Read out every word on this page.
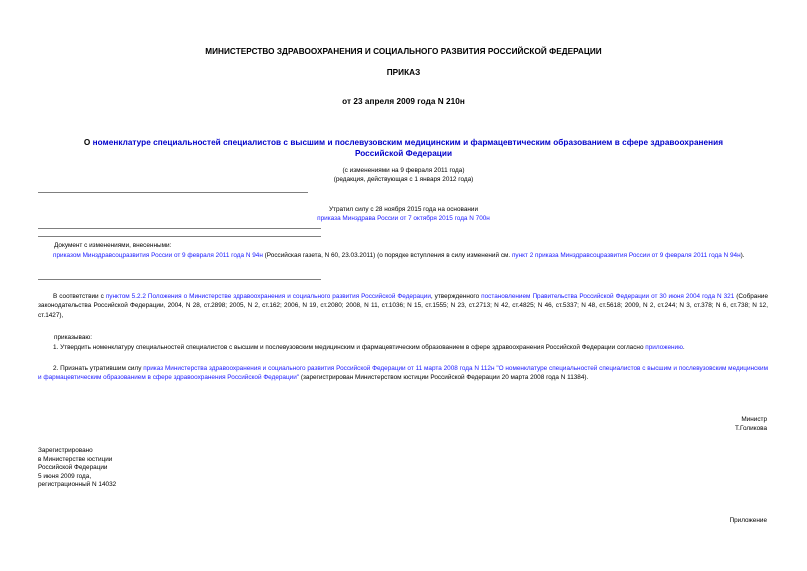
МИНИСТЕРСТВО ЗДРАВООХРАНЕНИЯ И СОЦИАЛЬНОГО РАЗВИТИЯ РОССИЙСКОЙ ФЕДЕРАЦИИ
ПРИКАЗ
от 23 апреля 2009 года N 210н
О номенклатуре специальностей специалистов с высшим и послевузовским медицинским и фармацевтическим образованием в сфере здравоохранения
Российской Федерации
(с изменениями на 9 февраля 2011 года)
(редакция, действующая с 1 января 2012 года)
Утратил силу с 28 ноября 2015 года на основании
приказа Минздрава России от 7 октября 2015 года N 700н
Документ с изменениями, внесенными:

приказом Минздравсоцразвития России от 9 февраля 2011 года N 94н (Российская газета, N 60, 23.03.2011) (о порядке вступления в силу изменений см. пункт 2 приказа Минздравсоцразвития России от 9 февраля 2011 года N 94н).

В соответствии с пунктом 5.2.2 Положения о Министерстве здравоохранения и социального развития Российской Федерации, утвержденного постановлением Правительства Российской Федерации от 30 июня 2004 года N 321 (Собрание законодательства Российской Федерации, 2004, N 28, ст.2898; 2005, N 2, ст.162; 2006, N 19, ст.2080; 2008, N 11, ст.1036; N 15, ст.1555; N 23, ст.2713; N 42, ст.4825; N 46, ст.5337; N 48, ст.5618; 2009, N 2, ст.244; N 3, ст.378; N 6, ст.738; N 12, ст.1427),

приказываю:

1. Утвердить номенклатуру специальностей специалистов с высшим и послевузовским медицинским и фармацевтическим образованием в сфере здравоохранения Российской Федерации согласно приложению.

2. Признать утратившим силу приказ Министерства здравоохранения и социального развития Российской Федерации от 11 марта 2008 года N 112н "О номенклатуре специальностей специалистов с высшим и послевузовским медицинским и фармацевтическим образованием в сфере здравоохранения Российской Федерации" (зарегистрирован Министерством юстиции Российской Федерации 20 марта 2008 года N 11384).

Министр
Т.Голикова
Зарегистрировано
в Министерстве юстиции
Российской Федерации
5 июня 2009 года,
регистрационный N 14032
Приложение
